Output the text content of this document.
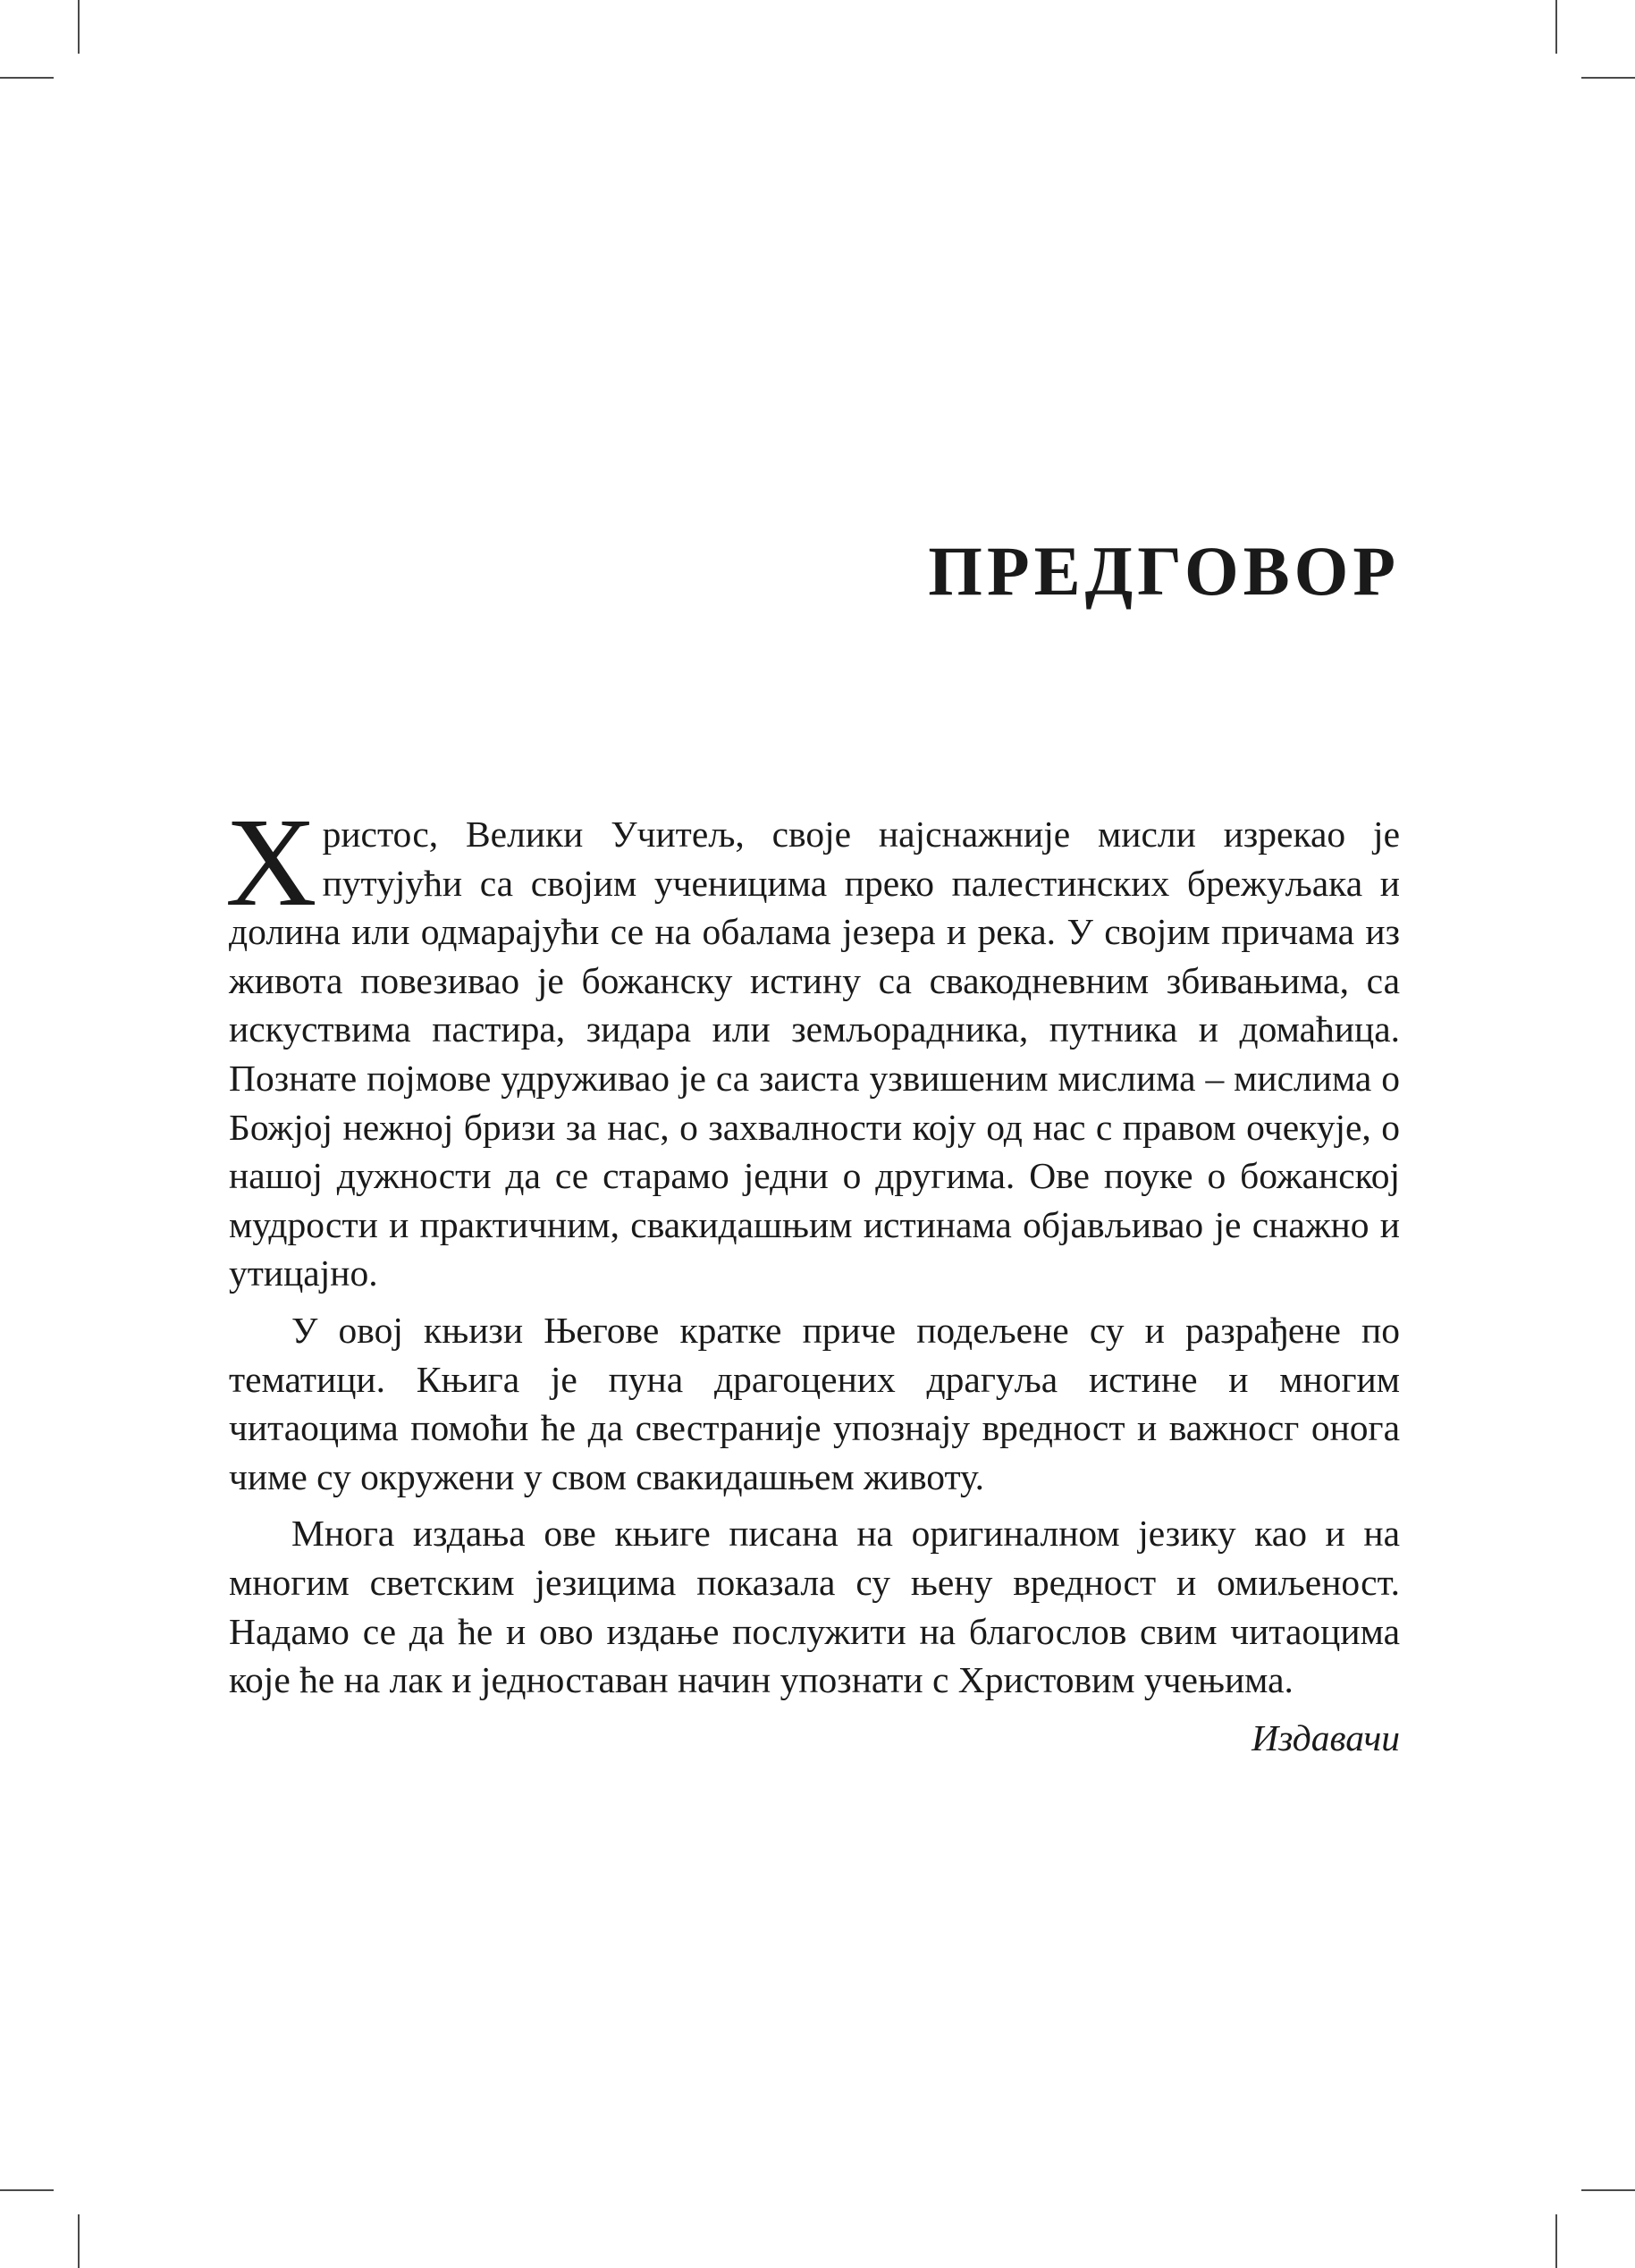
ПРЕДГОВОР

Христос, Велики Учитељ, своје најснажније мисли изрекао је путујући са својим ученицима преко палестинских брежуљака и долина или одмарајући се на обалама језера и река. У својим причама из живота повезивао је божанску истину са свакодневним збивањима, са искуствима пастира, зидара или земљорадника, путника и домаћица. Познате појмове удруживао је са заиста узвишеним мислима – мислима о Божјој нежној бризи за нас, о захвалности коју од нас с правом очекује, о нашој дужности да се старамо једни о другима. Ове поуке о божанској мудрости и практичним, свакидашњим истинама објављивао је снажно и утицајно.

У овој књизи Његове кратке приче подељене су и разрађене по тематици. Књига је пуна драгоцених драгуља истине и многим читаоцима помоћи ће да свестраније упознају вредност и важносг онога чиме су окружени у свом свакидашњем животу.

Многа издања ове књиге писана на оригиналном језику као и на многим светским језицима показала су њену вредност и омиљеност. Надамо се да ће и ово издање послужити на благослов свим читаоцима које ће на лак и једноставан начин упознати с Христовим учењима.

Издавачи
